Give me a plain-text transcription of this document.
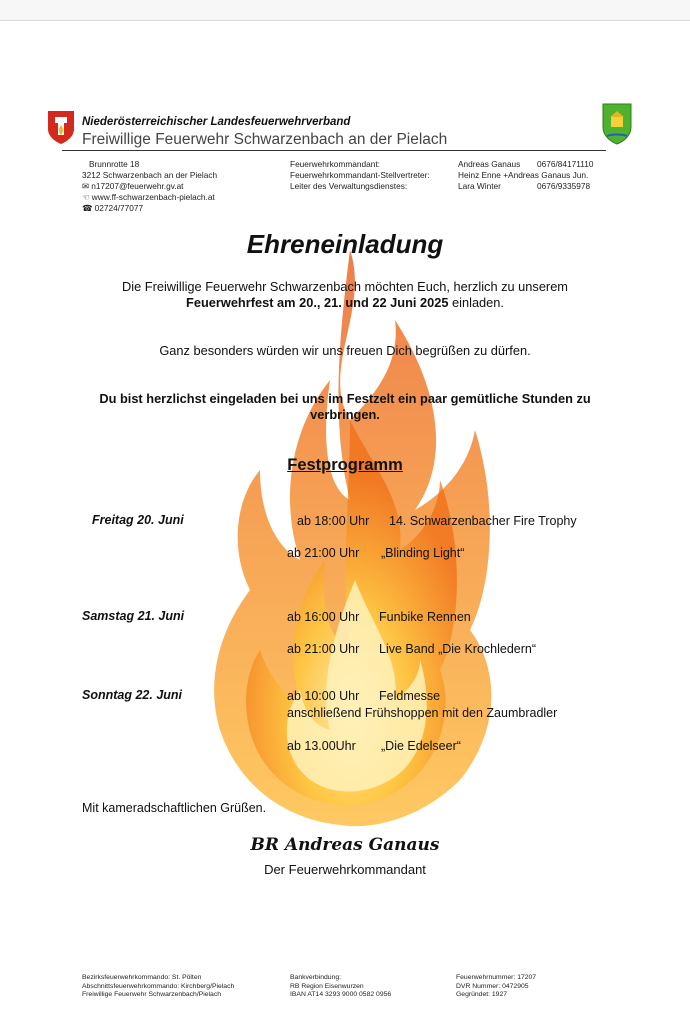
Niederösterreichischer Landesfeuerwehrverband
Freiwillige Feuerwehr Schwarzenbach an der Pielach
Brunnrotte 18
3212 Schwarzenbach an der Pielach
✉ n17207@feuerwehr.gv.at
☜ www.ff-schwarzenbach-pielach.at
☎ 02724/77077
Feuerwehrkommandant:	Andreas Ganaus 0676/84171110
Feuerwehrkommandant-Stellvertreter:	Heinz Enne +Andreas Ganaus Jun.
Leiter des Verwaltungsdienstes:	Lara Winter	0676/9335978
Ehreneinladung
Die Freiwillige Feuerwehr Schwarzenbach möchten Euch, herzlich zu unserem
Feuerwehrfest am 20., 21. und 22 Juni 2025 einladen.
Ganz besonders würden wir uns freuen Dich begrüßen zu dürfen.
Du bist herzlichst eingeladen bei uns im Festzelt ein paar gemütliche Stunden zu verbringen.
Festprogramm
Freitag 20. Juni	ab 18:00 Uhr 14. Schwarzenbacher Fire Trophy
ab 21:00 Uhr „Blinding Light“
Samstag 21. Juni	ab 16:00 Uhr Funbike Rennen
ab 21:00 Uhr Live Band „Die Krochledern“
Sonntag 22. Juni	ab 10:00 Uhr Feldmesse
anschließend Frühshoppen mit den Zaumbradler
ab 13.00Uhr „Die Edelseer“
Mit kameradschaftlichen Grüßen.
BR Andreas Ganaus
Der Feuerwehrkommandant
Bezirksfeuerwehrkommando: St. Pölten
Abschnittsfeuerwehrkommando: Kirchberg/Pielach
Freiwillige Feuerwehr Schwarzenbach/Pielach
Bankverbindung:
RB Region Eisenwurzen
IBAN AT14 3293 9000 0582 0956
Feuerwehrnummer: 17207
DVR Nummer: 0472905
Gegründet: 1927
